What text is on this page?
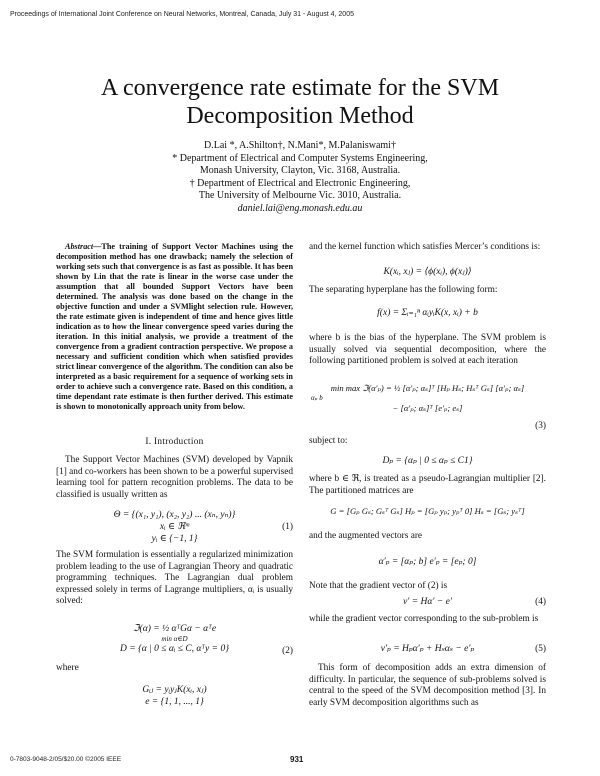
Proceedings of International Joint Conference on Neural Networks, Montreal, Canada, July 31 - August 4, 2005
A convergence rate estimate for the SVM
Decomposition Method
D.Lai *, A.Shilton†, N.Mani*, M.Palaniswami†
* Department of Electrical and Computer Systems Engineering,
Monash University, Clayton, Vic. 3168, Australia.
† Department of Electrical and Electronic Engineering,
The University of Melbourne Vic. 3010, Australia.
daniel.lai@eng.monash.edu.au

Abstract—The training of Support Vector Machines using the decomposition method has one drawback; namely the selection of working sets such that convergence is as fast as possible. It has been shown by Lin that the rate is linear in the worse case under the assumption that all bounded Support Vectors have been determined. The analysis was done based on the change in the objective function and under a SVMlight selection rule. However, the rate estimate given is independent of time and hence gives little indication as to how the linear convergence speed varies during the iteration. In this initial analysis, we provide a treatment of the convergence from a gradient contraction perspective. We propose a necessary and sufficient condition which when satisfied provides strict linear convergence of the algorithm. The condition can also be interpreted as a basic requirement for a sequence of working sets in order to achieve such a convergence rate. Based on this condition, a time dependant rate estimate is then further derived. This estimate is shown to monotonically approach unity from below.

I. Introduction
The Support Vector Machines (SVM) developed by Vapnik [1] and co-workers has been shown to be a powerful supervised learning tool for pattern recognition problems. The data to be classified is usually written as
Θ = {(x₁, y₁), (x₂, y₂) ... (xₙ, yₙ)}
xᵢ ∈ ℜᵐ
yᵢ ∈ {−1, 1}
(1)
The SVM formulation is essentially a regularized minimization problem leading to the use of Lagrangian Theory and quadratic programming techniques. The Lagrangian dual problem expressed solely in terms of Lagrange multipliers, αᵢ is usually solved:
ℑ(α) = ½ αᵀGα − αᵀe
min α∈D
D = {α | 0 ≤ αᵢ ≤ C, αᵀy = 0}	(2)
where
Gᵢⱼ = yᵢyⱼK(xᵢ, xⱼ)
e = {1, 1, ..., 1}
and the kernel function which satisfies Mercer’s conditions is:
K(xᵢ, xⱼ) = ⟨ϕ(xᵢ), ϕ(xⱼ)⟩
The separating hyperplane has the following form:
f(x) = Σᵢ₌₁ⁿ αᵢyᵢK(x, xᵢ) + b
where b is the bias of the hyperplane. The SVM problem is usually solved via sequential decomposition, where the following partitioned problem is solved at each iteration
min max ℑ(α′ₚ) = ½ [α′ₚ; αₛ]ᵀ [Hₚ Hₛ; Hₛᵀ Gₛ] [α′ₚ; αₛ]
αₚ b
− [α′ₚ; αₛ]ᵀ [e′ₚ; eₛ]
(3)
subject to:
Dₚ = {αₚ | 0 ≤ αₚ ≤ C1}
where b ∈ ℜ, is treated as a pseudo-Lagrangian multiplier [2]. The partitioned matrices are
G = [Gₚ Gₛ; Gₛᵀ Gₛ] Hₚ = [Gₚ yₚ; yₚᵀ 0] Hₛ = [Gₛ; yₛᵀ]
and the augmented vectors are
α′ₚ = [αₚ; b] e′ₚ = [eₚ; 0]
Note that the gradient vector of (2) is
v′ = Hα′ − e′	(4)
while the gradient vector corresponding to the sub-problem is
v′ₚ = Hₚα′ₚ + Hₛαₛ − e′ₚ	(5)
This form of decomposition adds an extra dimension of difficulty. In particular, the sequence of sub-problems solved is central to the speed of the SVM decomposition method [3]. In early SVM decomposition algorithms such as
0-7803-9048-2/05/$20.00 ©2005 IEEE	931
